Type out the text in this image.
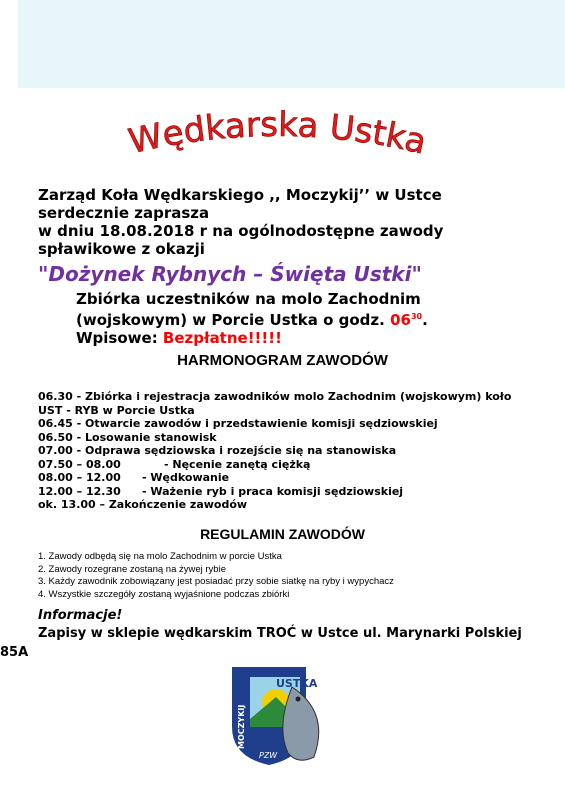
Wędkarska Ustka
Zarząd Koła Wędkarskiego ,, Moczykij’’ w Ustce
serdecznie zaprasza
w dniu 18.08.2018 r na ogólnodostępne zawody
spławikowe z okazji
"Dożynek Rybnych – Święta Ustki"
Zbiórka uczestników na molo Zachodnim
(wojskowym) w Porcie Ustka o godz. $06^{30}$.
Wpisowe: Bezpłatne!!!!!
HARMONOGRAM ZAWODÓW
06.30 - Zbiórka i rejestracja zawodników molo Zachodnim (wojskowym) koło
UST - RYB w Porcie Ustka
06.45 - Otwarcie zawodów i przedstawienie komisji sędziowskiej
06.50 - Losowanie stanowisk
07.00 - Odprawa sędziowska i rozejście się na stanowiska
07.50 – 08.00	- Nęcenie zanętą ciężką
08.00 – 12.00 - Wędkowanie
12.00 – 12.30 - Ważenie ryb i praca komisji sędziowskiej
ok. 13.00 – Zakończenie zawodów
REGULAMIN ZAWODÓW
1. Zawody odbędą się na molo Zachodnim w porcie Ustka
2. Zawody rozegrane zostaną na żywej rybie
3. Każdy zawodnik zobowiązany jest posiadać przy sobie siatkę na ryby i wypychacz
4. Wszystkie szczegóły zostaną wyjaśnione podczas zbiórki
Informacje!
Zapisy w sklepie wędkarskim TROĆ w Ustce ul. Marynarki Polskiej
85A
USTKA
MOCZYKIJ
PZW
